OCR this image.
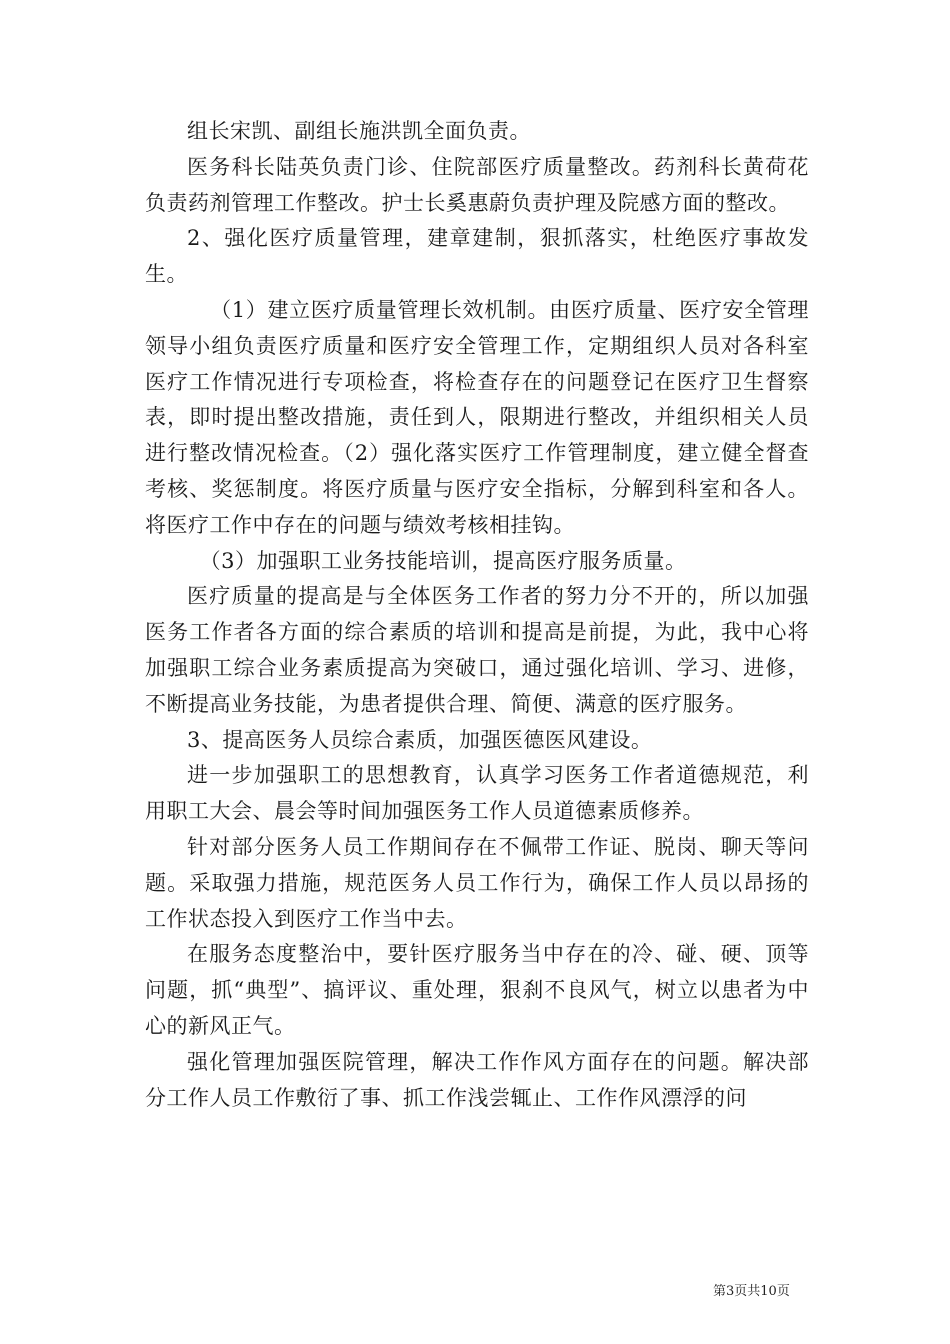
组长宋凯、副组长施洪凯全面负责。

医务科长陆英负责门诊、住院部医疗质量整改。药剂科长黄荷花负责药剂管理工作整改。护士长奚惠蔚负责护理及院感方面的整改。

2、强化医疗质量管理，建章建制，狠抓落实，杜绝医疗事故发生。

（1）建立医疗质量管理长效机制。由医疗质量、医疗安全管理领导小组负责医疗质量和医疗安全管理工作，定期组织人员对各科室医疗工作情况进行专项检查，将检查存在的问题登记在医疗卫生督察表，即时提出整改措施，责任到人，限期进行整改，并组织相关人员进行整改情况检查。（2）强化落实医疗工作管理制度，建立健全督查考核、奖惩制度。将医疗质量与医疗安全指标，分解到科室和各人。将医疗工作中存在的问题与绩效考核相挂钩。

（3）加强职工业务技能培训，提高医疗服务质量。

医疗质量的提高是与全体医务工作者的努力分不开的，所以加强医务工作者各方面的综合素质的培训和提高是前提，为此，我中心将加强职工综合业务素质提高为突破口，通过强化培训、学习、进修，不断提高业务技能，为患者提供合理、简便、满意的医疗服务。

3、提高医务人员综合素质，加强医德医风建设。

进一步加强职工的思想教育，认真学习医务工作者道德规范，利用职工大会、晨会等时间加强医务工作人员道德素质修养。

针对部分医务人员工作期间存在不佩带工作证、脱岗、聊天等问题。采取强力措施，规范医务人员工作行为，确保工作人员以昂扬的工作状态投入到医疗工作当中去。

在服务态度整治中，要针医疗服务当中存在的冷、碰、硬、顶等问题，抓“典型”、搞评议、重处理，狠刹不良风气，树立以患者为中心的新风正气。

强化管理加强医院管理，解决工作作风方面存在的问题。解决部分工作人员工作敷衍了事、抓工作浅尝辄止、工作作风漂浮的问

第3页共10页
